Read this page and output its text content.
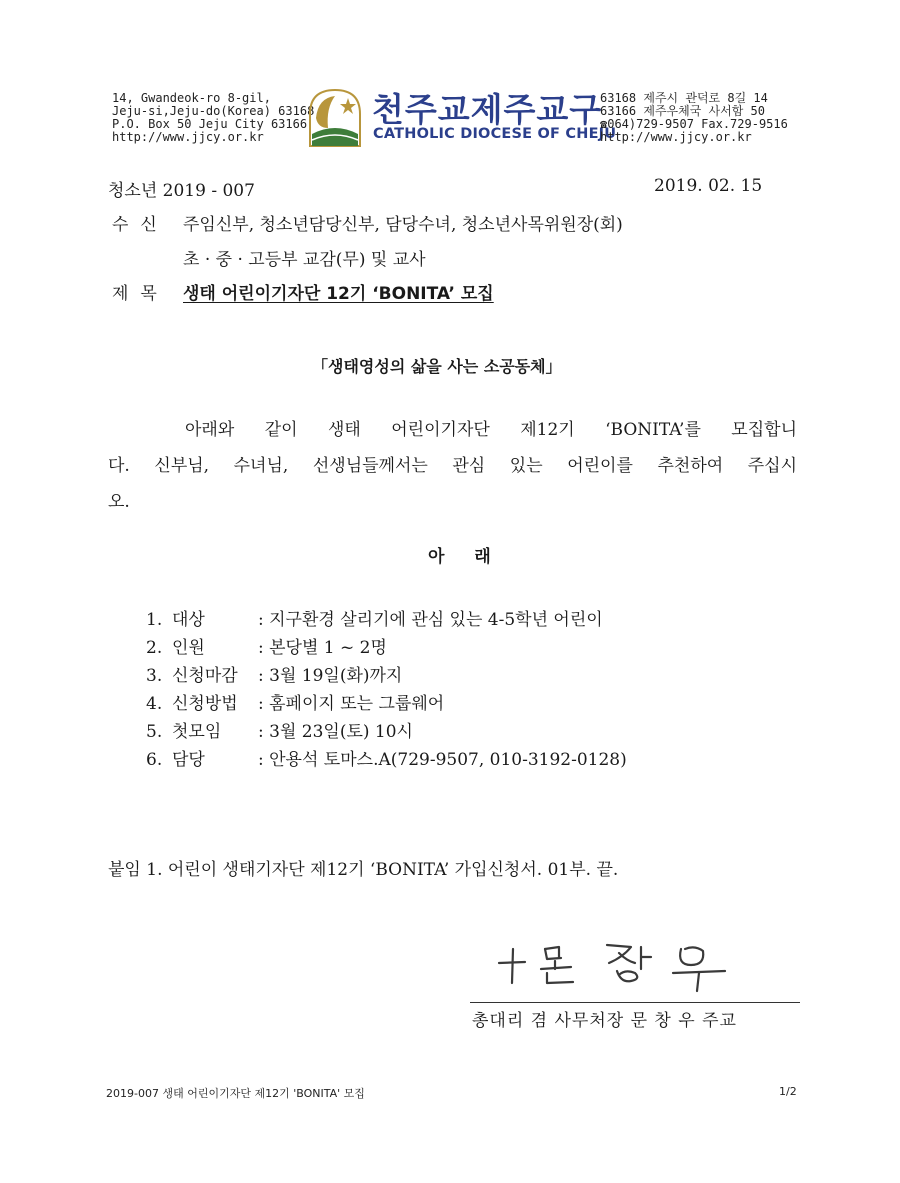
14, Gwandeok-ro 8-gil,
Jeju-si,Jeju-do(Korea) 63168
P.O. Box 50 Jeju City 63166
http://www.jjcy.or.kr
천주교제주교구
CATHOLIC DIOCESE OF CHEJU
63168 제주시 관덕로 8길 14
63166 제주우체국 사서함 50
☎064)729-9507 Fax.729-9516
http://www.jjcy.or.kr
청소년 2019 - 007	2019. 02. 15
수신 주임신부, 청소년담당신부, 담당수녀, 청소년사목위원장(회)
초 · 중 · 고등부 교감(무) 및 교사
제목 생태 어린이기자단 12기 ‘BONITA’ 모집
「생태영성의 삶을 사는 소공동체」
아래와 같이 생태 어린이기자단 제12기 ‘BONITA’를 모집합니
다. 신부님, 수녀님, 선생님들께서는 관심 있는 어린이를 추천하여 주십시
오.
아래
1. 대상	: 지구환경 살리기에 관심 있는 4-5학년 어린이
2. 인원	: 본당별 1 ~ 2명
3. 신청마감 : 3월 19일(화)까지
4. 신청방법 : 홈페이지 또는 그룹웨어
5. 첫모임 : 3월 23일(토) 10시
6. 담당	: 안용석 토마스.A(729-9507, 010-3192-0128)
붙임 1. 어린이 생태기자단 제12기 ‘BONITA’ 가입신청서. 01부. 끝.
총대리 겸 사무처장 문 창 우 주교
2019-007 생태 어린이기자단 제12기 'BONITA' 모집	1/2
